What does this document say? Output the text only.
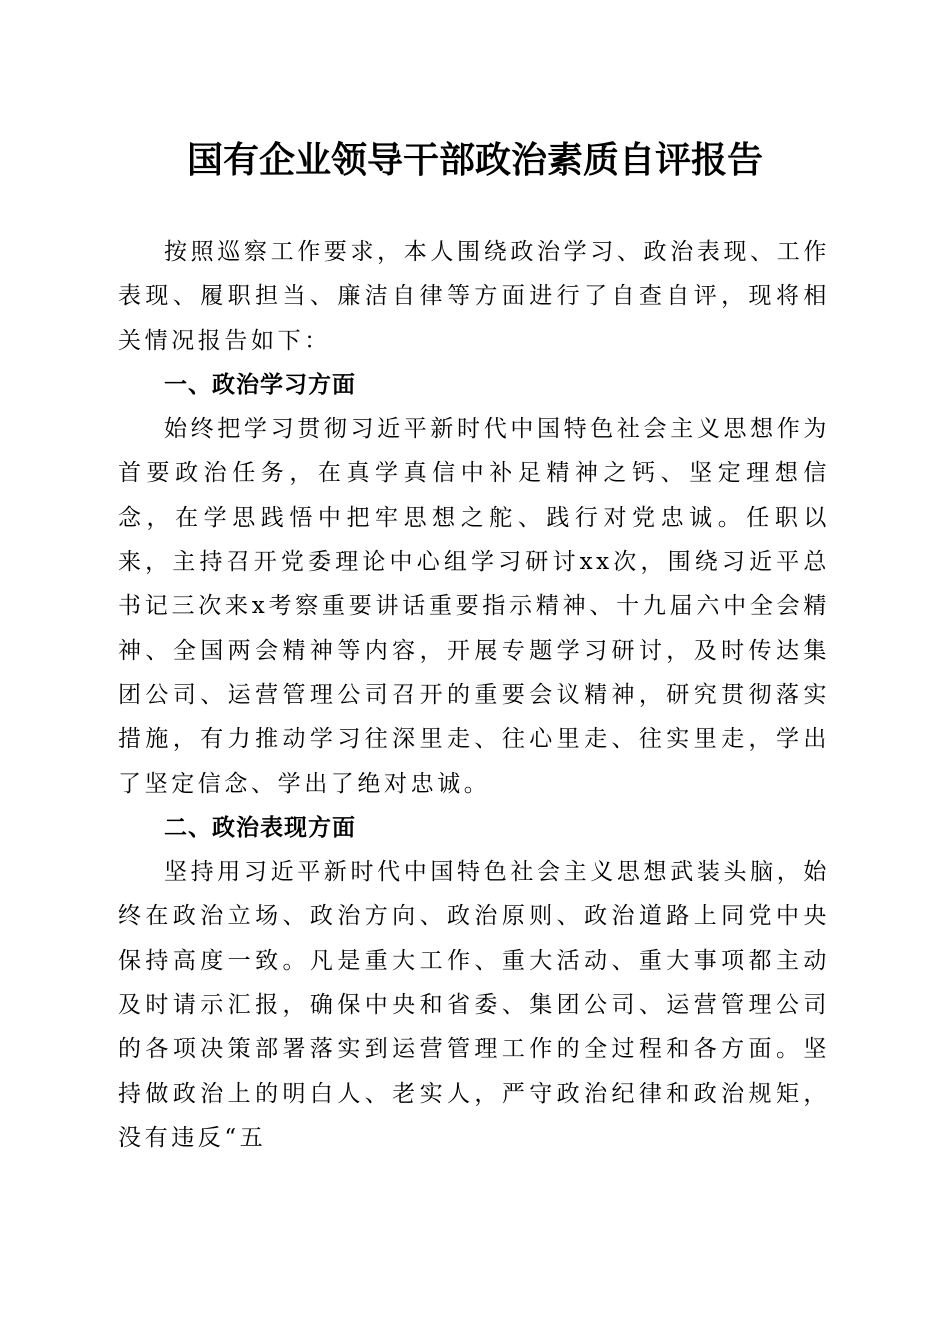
国有企业领导干部政治素质自评报告

按照巡察工作要求，本人围绕政治学习、政治表现、工作表现、履职担当、廉洁自律等方面进行了自查自评，现将相关情况报告如下：

一、政治学习方面

始终把学习贯彻习近平新时代中国特色社会主义思想作为首要政治任务，在真学真信中补足精神之钙、坚定理想信念，在学思践悟中把牢思想之舵、践行对党忠诚。任职以来，主持召开党委理论中心组学习研讨xx次，围绕习近平总书记三次来x考察重要讲话重要指示精神、十九届六中全会精神、全国两会精神等内容，开展专题学习研讨，及时传达集团公司、运营管理公司召开的重要会议精神，研究贯彻落实措施，有力推动学习往深里走、往心里走、往实里走，学出了坚定信念、学出了绝对忠诚。

二、政治表现方面

坚持用习近平新时代中国特色社会主义思想武装头脑，始终在政治立场、政治方向、政治原则、政治道路上同党中央保持高度一致。凡是重大工作、重大活动、重大事项都主动及时请示汇报，确保中央和省委、集团公司、运营管理公司的各项决策部署落实到运营管理工作的全过程和各方面。坚持做政治上的明白人、老实人，严守政治纪律和政治规矩，没有违反“五
